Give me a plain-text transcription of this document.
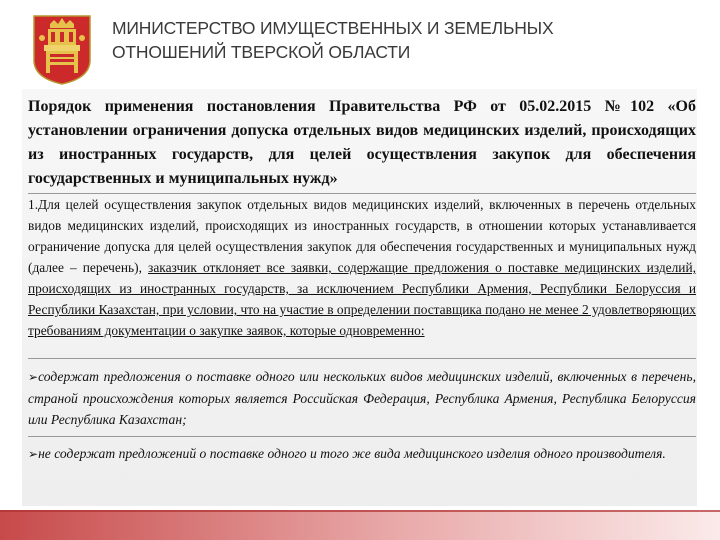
МИНИСТЕРСТВО ИМУЩЕСТВЕННЫХ И ЗЕМЕЛЬНЫХ
ОТНОШЕНИЙ ТВЕРСКОЙ ОБЛАСТИ
Порядок применения постановления Правительства РФ от 05.02.2015 №102 «Об установлении ограничения допуска отдельных видов медицинских изделий, происходящих из иностранных государств, для целей осуществления закупок для обеспечения государственных и муниципальных нужд»
1.Для целей осуществления закупок отдельных видов медицинских изделий, включенных в перечень отдельных видов медицинских изделий, происходящих из иностранных государств, в отношении которых устанавливается ограничение допуска для целей осуществления закупок для обеспечения государственных и муниципальных нужд (далее – перечень), заказчик отклоняет все заявки, содержащие предложения о поставке медицинских изделий, происходящих из иностранных государств, за исключением Республики Армения, Республики Белоруссия и Республики Казахстан, при условии, что на участие в определении поставщика подано не менее 2 удовлетворяющих требованиям документации о закупке заявок, которые одновременно:
➢содержат предложения о поставке одного или нескольких видов медицинских изделий, включенных в перечень, страной происхождения которых является Российская Федерация, Республика Армения, Республика Белоруссия или Республика Казахстан;
➢не содержат предложений о поставке одного и того же вида медицинского изделия одного производителя.
